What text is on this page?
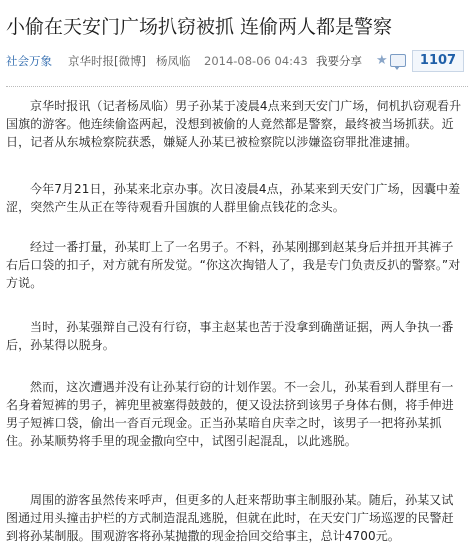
小偷在天安门广场扒窃被抓 连偷两人都是警察
社会万象 京华时报[微博] 杨凤临 2014-08-06 04:43 我要分享 ★	1107

京华时报讯（记者杨凤临）男子孙某于凌晨4点来到天安门广场，伺机扒窃观看升国旗的游客。他连续偷盗两起，没想到被偷的人竟然都是警察，最终被当场抓获。近日，记者从东城检察院获悉，嫌疑人孙某已被检察院以涉嫌盗窃罪批准逮捕。

今年7月21日，孙某来北京办事。次日凌晨4点，孙某来到天安门广场，因囊中羞涩，突然产生从正在等待观看升国旗的人群里偷点钱花的念头。

经过一番打量，孙某盯上了一名男子。不料，孙某刚挪到赵某身后并扭开其裤子右后口袋的扣子，对方就有所发觉。“你这次掏错人了，我是专门负责反扒的警察。”对方说。

当时，孙某强辩自己没有行窃，事主赵某也苦于没拿到确凿证据，两人争执一番后，孙某得以脱身。

然而，这次遭遇并没有让孙某行窃的计划作罢。不一会儿，孙某看到人群里有一名身着短裤的男子，裤兜里被塞得鼓鼓的，便又设法挤到该男子身体右侧，将手伸进男子短裤口袋，偷出一沓百元现金。正当孙某暗自庆幸之时，该男子一把将孙某抓住。孙某顺势将手里的现金撒向空中，试图引起混乱，以此逃脱。

周围的游客虽然传来呼声，但更多的人赶来帮助事主制服孙某。随后，孙某又试图通过用头撞击护栏的方式制造混乱逃脱，但就在此时，在天安门广场巡逻的民警赶到将孙某制服。围观游客将孙某抛撒的现金拾回交给事主，总计4700元。
